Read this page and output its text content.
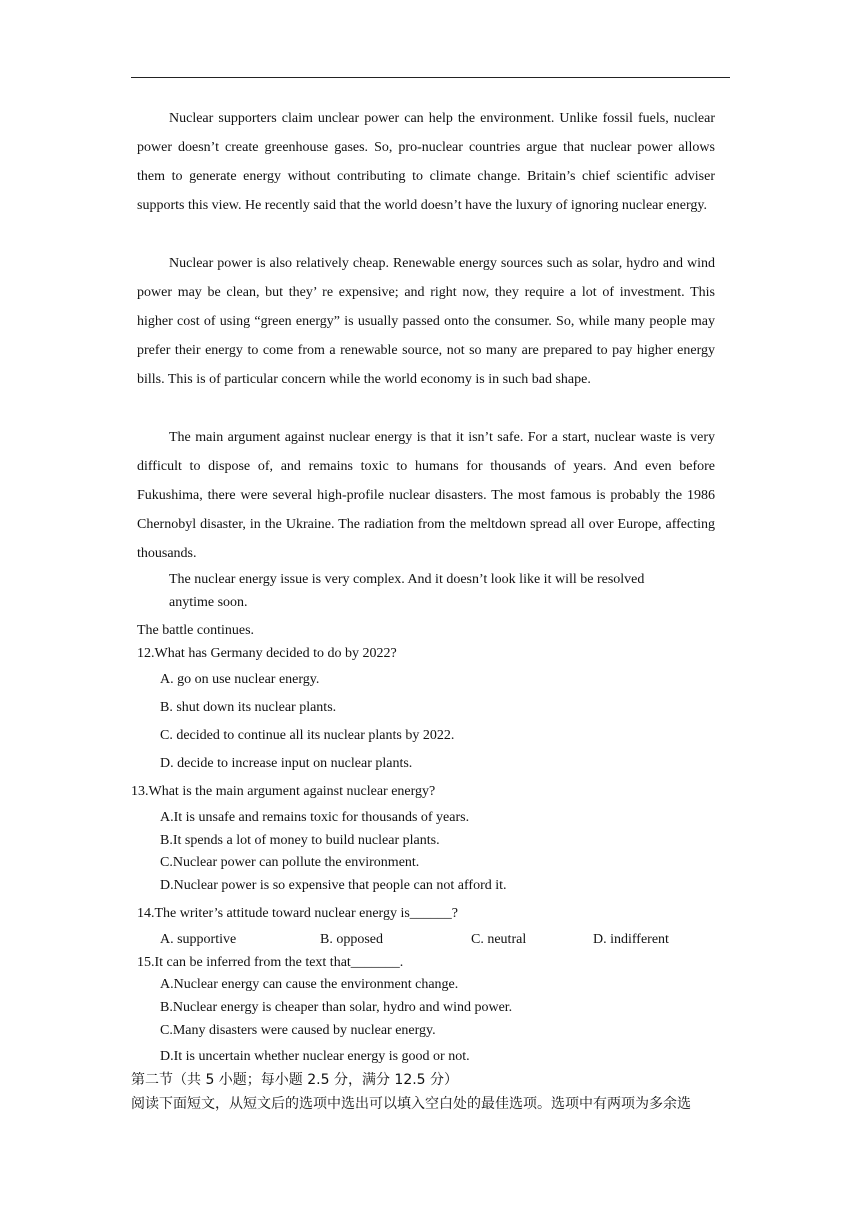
Nuclear supporters claim unclear power can help the environment. Unlike fossil fuels, nuclear power doesn’t create greenhouse gases. So, pro-nuclear countries argue that nuclear power allows them to generate energy without contributing to climate change. Britain’s chief scientific adviser supports this view. He recently said that the world doesn’t have the luxury of ignoring nuclear energy.

Nuclear power is also relatively cheap. Renewable energy sources such as solar, hydro and wind power may be clean, but they’ re expensive; and right now, they require a lot of investment. This higher cost of using “green energy” is usually passed onto the consumer. So, while many people may prefer their energy to come from a renewable source, not so many are prepared to pay higher energy bills. This is of particular concern while the world economy is in such bad shape.

The main argument against nuclear energy is that it isn’t safe. For a start, nuclear waste is very difficult to dispose of, and remains toxic to humans for thousands of years. And even before Fukushima, there were several high-profile nuclear disasters. The most famous is probably the 1986 Chernobyl disaster, in the Ukraine. The radiation from the meltdown spread all over Europe, affecting thousands.

The nuclear energy issue is very complex. And it doesn’t look like it will be resolved
anytime soon.
The battle continues.
12.What has Germany decided to do by 2022?
A. go on use nuclear energy.
B. shut down its nuclear plants.
C. decided to continue all its nuclear plants by 2022.
D. decide to increase input on nuclear plants.
13.What is the main argument against nuclear energy?
A.It is unsafe and remains toxic for thousands of years.
B.It spends a lot of money to build nuclear plants.
C.Nuclear power can pollute the environment.
D.Nuclear power is so expensive that people can not afford it.
14.The writer’s attitude toward nuclear energy is______?
A. supportive	B. opposed	C. neutral	D. indifferent
15.It can be inferred from the text that_______.
A.Nuclear energy can cause the environment change.
B.Nuclear energy is cheaper than solar, hydro and wind power.
C.Many disasters were caused by nuclear energy.
D.It is uncertain whether nuclear energy is good or not.
第二节（共 5 小题；每小题 2.5 分，满分 12.5 分）
阅读下面短文，从短文后的选项中选出可以填入空白处的最佳选项。选项中有两项为多余选
